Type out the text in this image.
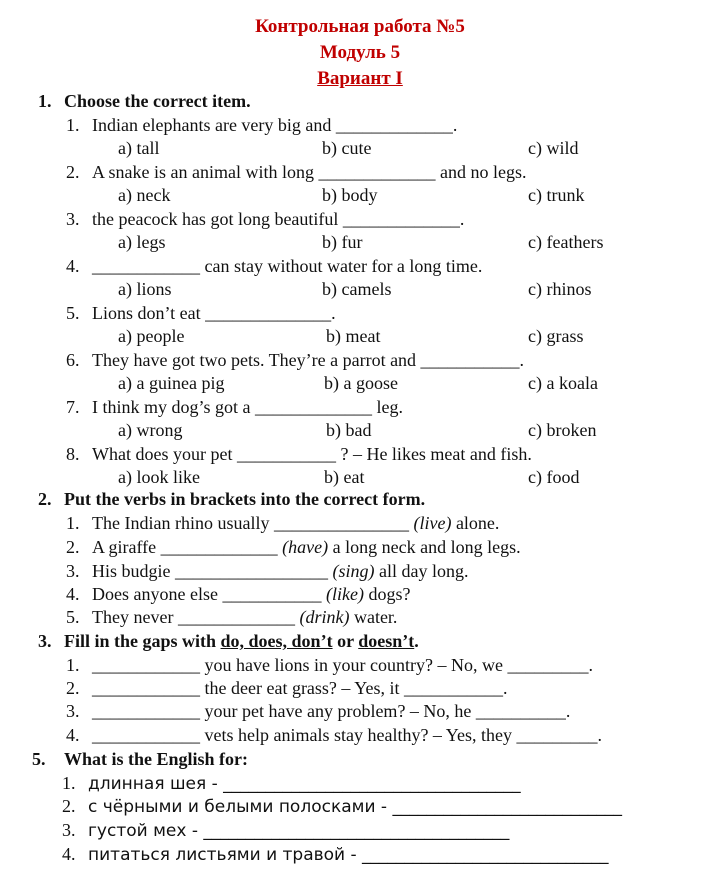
Контрольная работа №5
Модуль 5
Вариант I
1. Choose the correct item.
1. Indian elephants are very big and _____________.
a) tall	b) cute	c) wild
2. A snake is an animal with long _____________ and no legs.
a) neck	b) body	c) trunk
3. the peacock has got long beautiful _____________.
a) legs	b) fur	c) feathers
4. ____________ can stay without water for a long time.
a) lions	b) camels	c) rhinos
5. Lions don’t eat ______________.
a) people	b) meat	c) grass
6. They have got two pets. They’re a parrot and ___________.
a) a guinea pig	b) a goose	c) a koala
7. I think my dog’s got a _____________ leg.
a) wrong	b) bad	c) broken
8. What does your pet ___________ ? – He likes meat and fish.
a) look like	b) eat	c) food
2. Put the verbs in brackets into the correct form.
1. The Indian rhino usually _______________ (live) alone.
2. A giraffe _____________ (have) a long neck and long legs.
3. His budgie _________________ (sing) all day long.
4. Does anyone else ___________ (like) dogs?
5. They never _____________ (drink) water.
3. Fill in the gaps with do, does, don’t or doesn’t.
1. ____________ you have lions in your country? – No, we _________.
2. ____________ the deer eat grass? – Yes, it ___________.
3. ____________ your pet have any problem? – No, he __________.
4. ____________ vets help animals stay healthy? – Yes, they _________.
5. What is the English for:
1. длинная шея - ___________________________________
2. с чёрными и белыми полосками - ___________________________
3. густой мех - ____________________________________
4. питаться листьями и травой - _____________________________
